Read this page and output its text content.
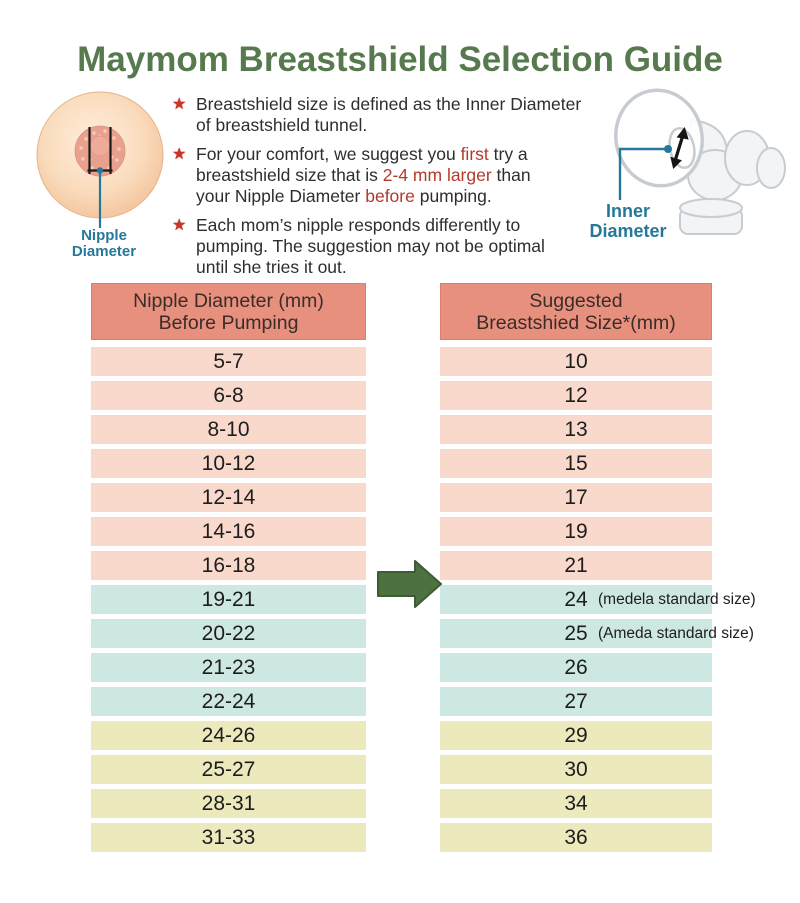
Maymom Breastshield Selection Guide
Nipple
Diameter
Inner
Diameter
★ Breastshield size is defined as the Inner Diameter
of breastshield tunnel.
★ For your comfort, we suggest you first try a
breastshield size that is 2-4 mm larger than
your Nipple Diameter before pumping.
★ Each mom’s nipple responds differently to
pumping. The suggestion may not be optimal
until she tries it out.
Nipple Diameter (mm)
Before Pumping
Suggested
Breastshied Size*(mm)
5-7	10
6-8	12
8-10	13
10-12	15
12-14	17
14-16	19
16-18	21
19-21	24 (medela standard size)
20-22	25 (Ameda standard size)
21-23	26
22-24	27
24-26	29
25-27	30
28-31	34
31-33	36
